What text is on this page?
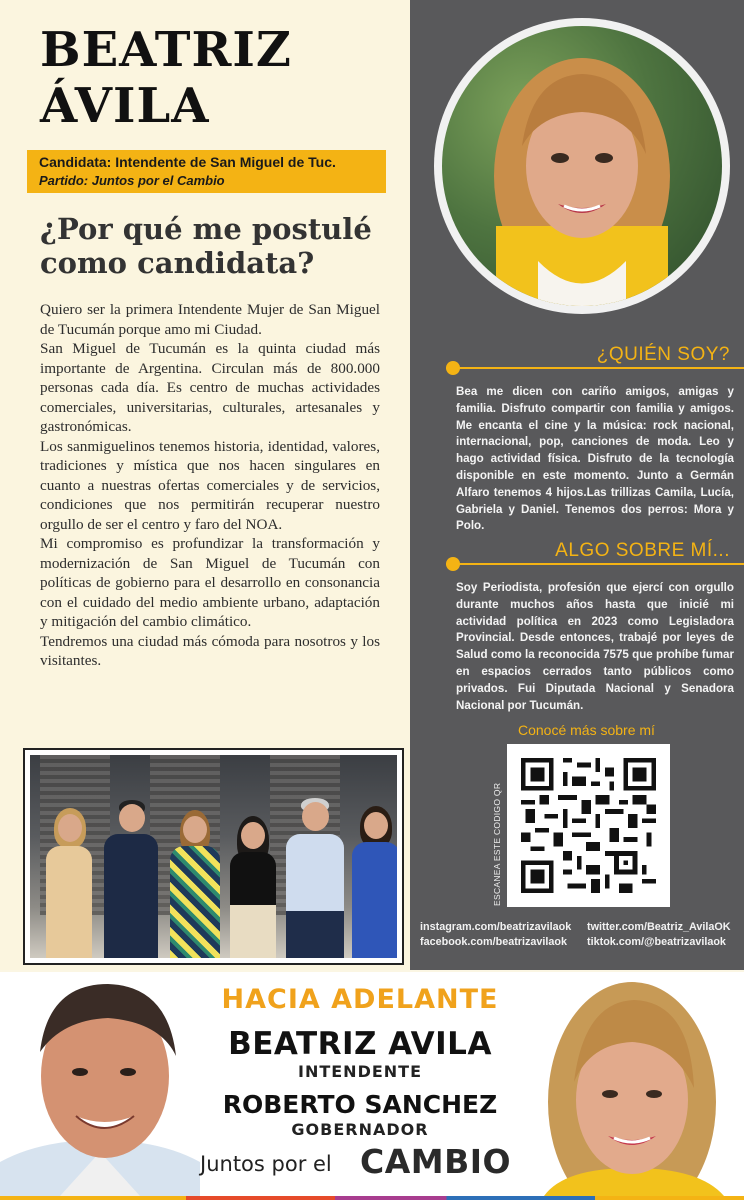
BEATRIZ
ÁVILA
Candidata: Intendente de San Miguel de Tuc.
Partido: Juntos por el Cambio
¿Por qué me postulé como candidata?

Quiero ser la primera Intendente Mujer de San Miguel de Tucumán porque amo mi Ciudad.

San Miguel de Tucumán es la quinta ciudad más importante de Argentina. Circulan más de 800.000 personas cada día. Es centro de muchas actividades comerciales, universitarias, culturales, artesanales y gastronómicas.

Los sanmiguelinos tenemos historia, identidad, valores, tradiciones y mística que nos hacen singulares en cuanto a nuestras ofertas comerciales y de servicios, condiciones que nos permitirán recuperar nuestro orgullo de ser el centro y faro del NOA.

Mi compromiso es profundizar la transformación y modernización de San Miguel de Tucumán con políticas de gobierno para el desarrollo en consonancia con el cuidado del medio ambiente urbano, adaptación y mitigación del cambio climático.

Tendremos una ciudad más cómoda para nosotros y los visitantes.

¿QUIÉN SOY?
Bea me dicen con cariño amigos, amigas y familia. Disfruto compartir con familia y amigos. Me encanta el cine y la música: rock nacional, internacional, pop, canciones de moda. Leo y hago actividad física. Disfruto de la tecnología disponible en este momento. Junto a Germán Alfaro tenemos 4 hijos.Las trillizas Camila, Lucía, Gabriela y Daniel. Tenemos dos perros: Mora y Polo.
ALGO SOBRE MÍ...
Soy Periodista, profesión que ejercí con orgullo durante muchos años hasta que inicié mi actividad política en 2023 como Legisladora Provincial. Desde entonces, trabajé por leyes de Salud como la reconocida 7575 que prohíbe fumar en espacios cerrados tanto públicos como privados. Fui Diputada Nacional y Senadora Nacional por Tucumán.
Conocé más sobre mí
ESCANEA ESTE CODIGO QR
instagram.com/beatrizavilaok
facebook.com/beatrizavilaok
twitter.com/Beatriz_AvilaOK
tiktok.com/@beatrizavilaok
HACIA ADELANTE
BEATRIZ AVILA
INTENDENTE
ROBERTO SANCHEZ
GOBERNADOR
Juntos por el CAMBIO
